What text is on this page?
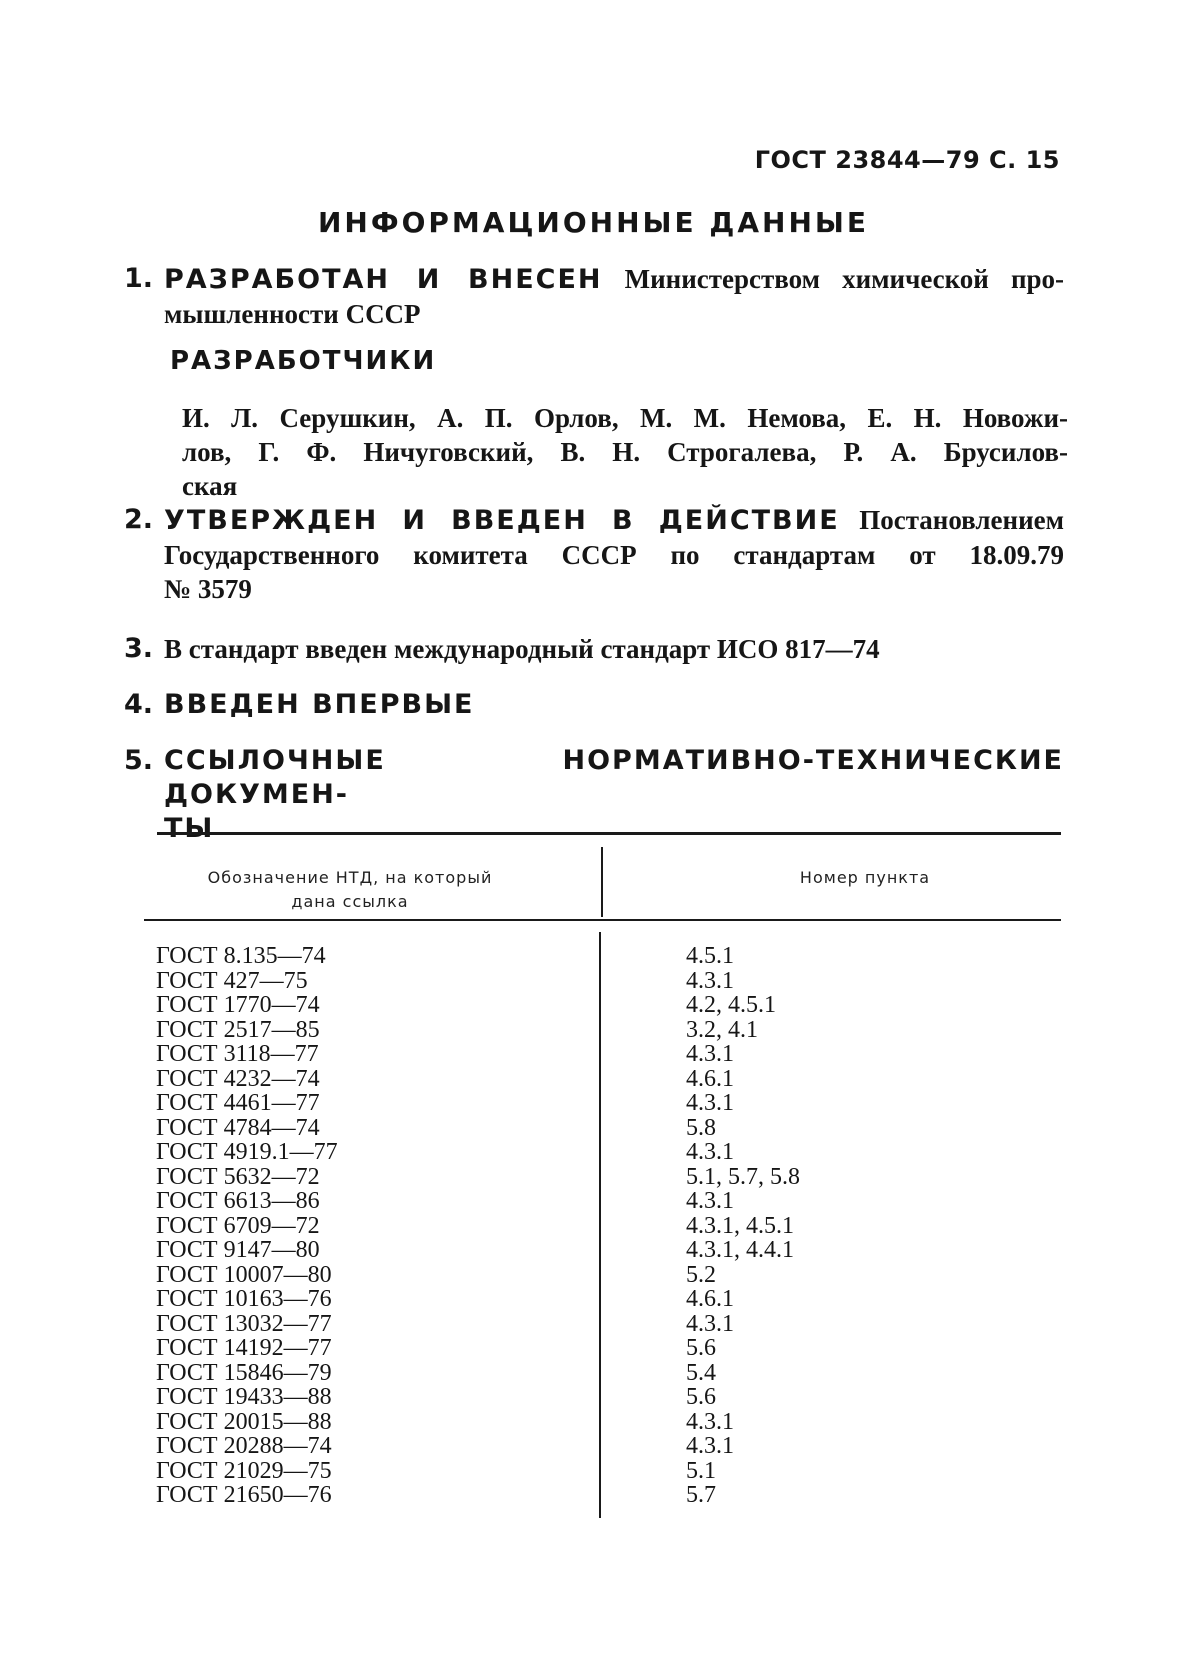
ГОСТ 23844—79 С. 15
ИНФОРМАЦИОННЫЕ ДАННЫЕ
1. РАЗРАБОТАН И ВНЕСЕН Министерством химической про-
мышленности СССР
РАЗРАБОТЧИКИ
И. Л. Серушкин, А. П. Орлов, М. М. Немова, Е. Н. Новожи-
лов, Г. Ф. Ничуговский, В. Н. Строгалева, Р. А. Брусилов-
ская
2. УТВЕРЖДЕН И ВВЕДЕН В ДЕЙСТВИЕ Постановлением
Государственного комитета СССР по стандартам от 18.09.79
№ 3579
3. В стандарт введен международный стандарт ИСО 817—74
4. ВВЕДЕН ВПЕРВЫЕ
5. ССЫЛОЧНЫЕ НОРМАТИВНО-ТЕХНИЧЕСКИЕ ДОКУМЕН-
ТЫ
Обозначение НТД, на который
дана ссылка
Номер пункта
ГОСТ 8.135—74	4.5.1
ГОСТ 427—75	4.3.1
ГОСТ 1770—74	4.2, 4.5.1
ГОСТ 2517—85	3.2, 4.1
ГОСТ 3118—77	4.3.1
ГОСТ 4232—74	4.6.1
ГОСТ 4461—77	4.3.1
ГОСТ 4784—74	5.8
ГОСТ 4919.1—77	4.3.1
ГОСТ 5632—72	5.1, 5.7, 5.8
ГОСТ 6613—86	4.3.1
ГОСТ 6709—72	4.3.1, 4.5.1
ГОСТ 9147—80	4.3.1, 4.4.1
ГОСТ 10007—80	5.2
ГОСТ 10163—76	4.6.1
ГОСТ 13032—77	4.3.1
ГОСТ 14192—77	5.6
ГОСТ 15846—79	5.4
ГОСТ 19433—88	5.6
ГОСТ 20015—88	4.3.1
ГОСТ 20288—74	4.3.1
ГОСТ 21029—75	5.1
ГОСТ 21650—76	5.7
